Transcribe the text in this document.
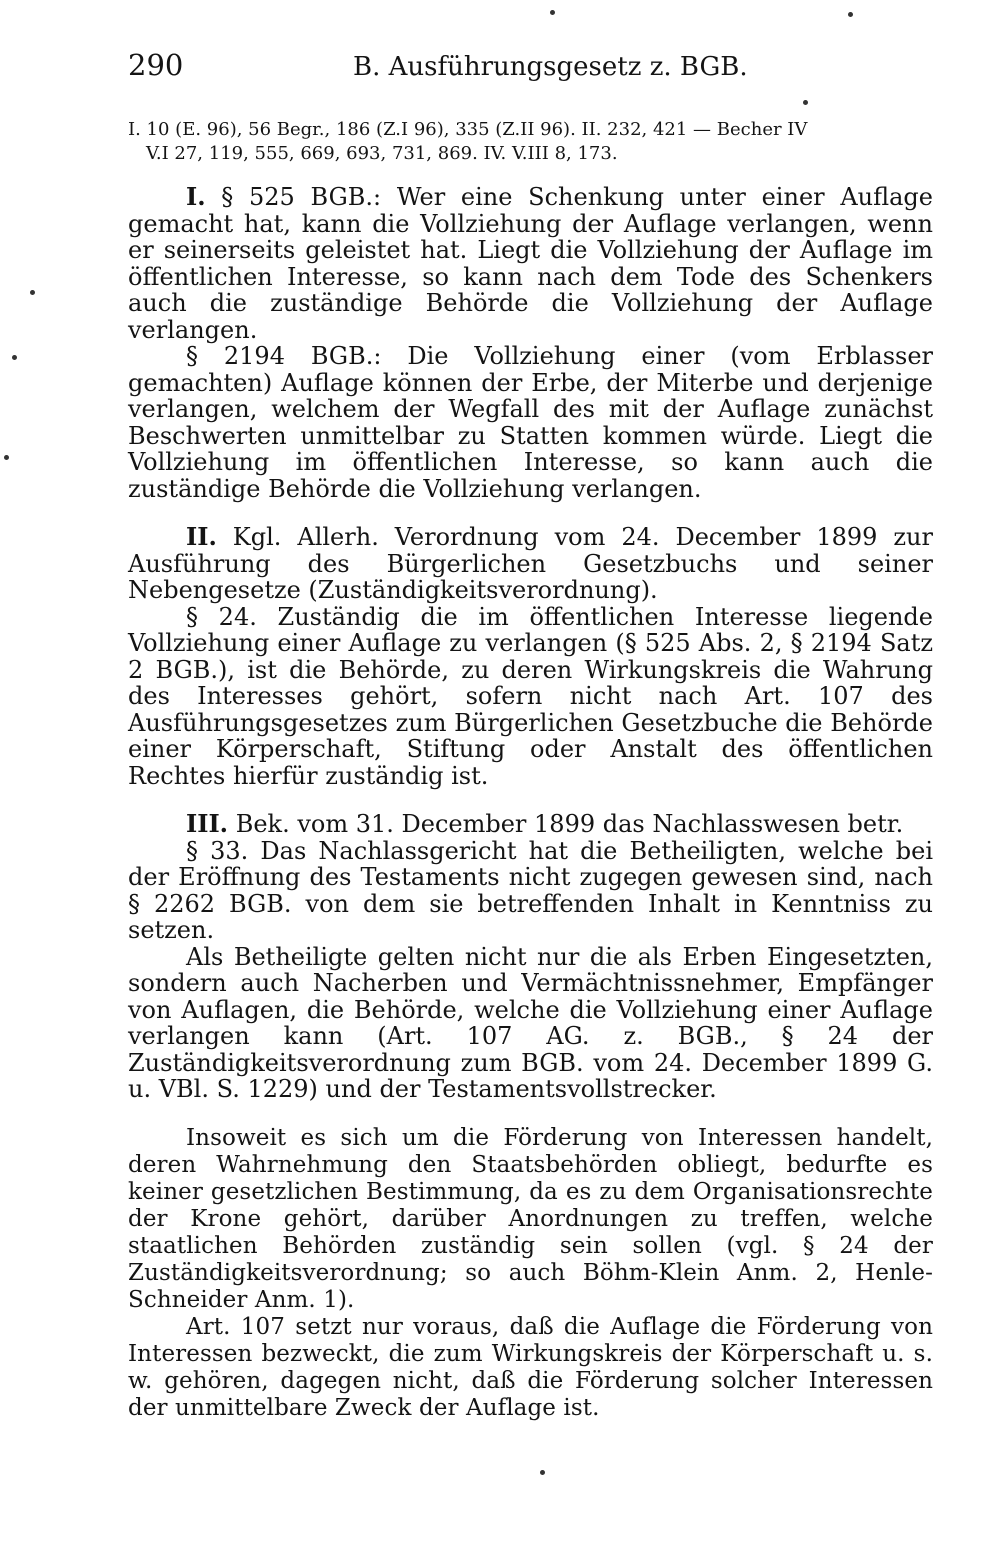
290	B. Ausführungsgesetz z. BGB.
I. 10 (E. 96), 56 Begr., 186 (Z.I 96), 335 (Z.II 96). II. 232, 421 — Becher IV
V.I 27, 119, 555, 669, 693, 731, 869. IV. V.III 8, 173.

I. § 525 BGB.: Wer eine Schenkung unter einer Auflage gemacht hat, kann die Vollziehung der Auflage verlangen, wenn er seinerseits geleistet hat. Liegt die Vollziehung der Auflage im öffentlichen Interesse, so kann nach dem Tode des Schenkers auch die zuständige Behörde die Vollziehung der Auflage verlangen.

§ 2194 BGB.: Die Vollziehung einer (vom Erblasser gemachten) Auflage können der Erbe, der Miterbe und derjenige verlangen, welchem der Wegfall des mit der Auflage zunächst Beschwerten unmittelbar zu Statten kommen würde. Liegt die Vollziehung im öffentlichen Interesse, so kann auch die zuständige Behörde die Vollziehung verlangen.

II. Kgl. Allerh. Verordnung vom 24. December 1899 zur Ausführung des Bürgerlichen Gesetzbuchs und seiner Nebengesetze (Zuständigkeitsverordnung).

§ 24. Zuständig die im öffentlichen Interesse liegende Vollziehung einer Auflage zu verlangen (§ 525 Abs. 2, § 2194 Satz 2 BGB.), ist die Behörde, zu deren Wirkungskreis die Wahrung des Interesses gehört, sofern nicht nach Art. 107 des Ausführungsgesetzes zum Bürgerlichen Gesetzbuche die Behörde einer Körperschaft, Stiftung oder Anstalt des öffentlichen Rechtes hierfür zuständig ist.

III. Bek. vom 31. December 1899 das Nachlasswesen betr.

§ 33. Das Nachlassgericht hat die Betheiligten, welche bei der Eröffnung des Testaments nicht zugegen gewesen sind, nach § 2262 BGB. von dem sie betreffenden Inhalt in Kenntniss zu setzen.

Als Betheiligte gelten nicht nur die als Erben Eingesetzten, sondern auch Nacherben und Vermächtnissnehmer, Empfänger von Auflagen, die Behörde, welche die Vollziehung einer Auflage verlangen kann (Art. 107 AG. z. BGB., § 24 der Zuständigkeitsverordnung zum BGB. vom 24. December 1899 G. u. VBl. S. 1229) und der Testamentsvollstrecker.

Insoweit es sich um die Förderung von Interessen handelt, deren Wahrnehmung den Staatsbehörden obliegt, bedurfte es keiner gesetzlichen Bestimmung, da es zu dem Organisationsrechte der Krone gehört, darüber Anordnungen zu treffen, welche staatlichen Behörden zuständig sein sollen (vgl. § 24 der Zuständigkeitsverordnung; so auch Böhm-Klein Anm. 2, Henle-Schneider Anm. 1).

Art. 107 setzt nur voraus, daß die Auflage die Förderung von Interessen bezweckt, die zum Wirkungskreis der Körperschaft u. s. w. gehören, dagegen nicht, daß die Förderung solcher Interessen der unmittelbare Zweck der Auflage ist.
